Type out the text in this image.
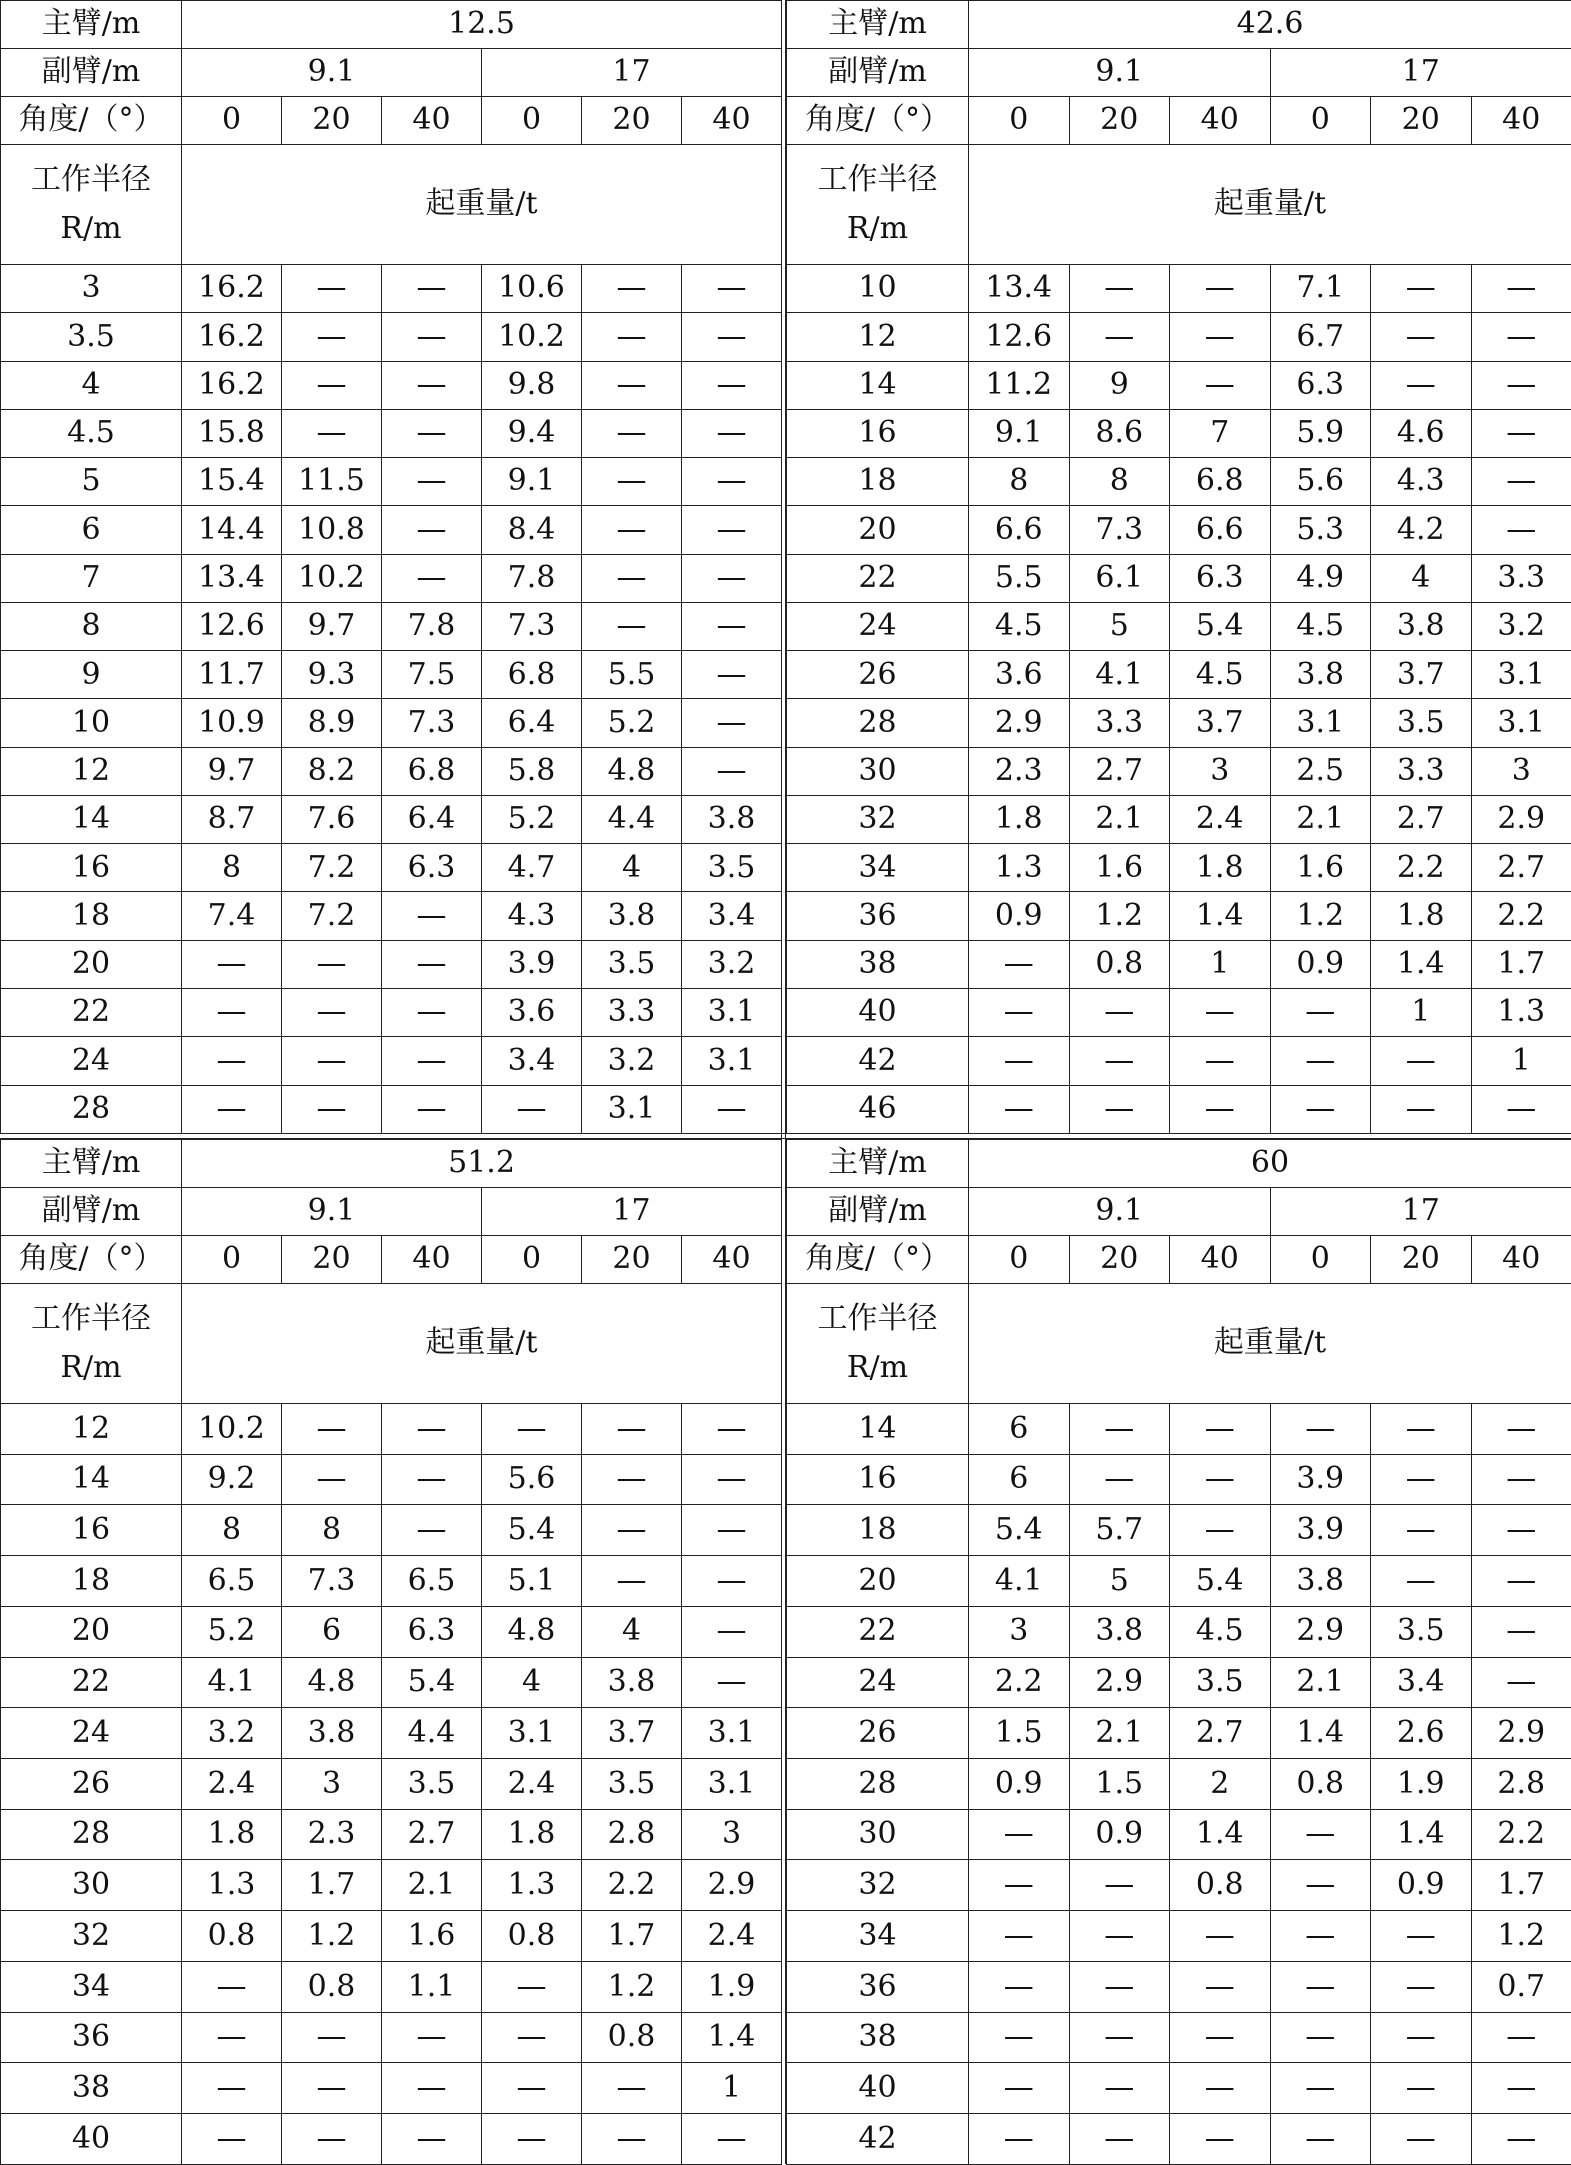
主臂/m	12.5					
副臂/m	9.1			17		
角度/（°）	0	20	40	0	20	40

工作半径
R/m	起重量/t					
3	16.2	—	—	10.6	—	—
3.5	16.2	—	—	10.2	—	—
4	16.2	—	—	9.8	—	—
4.5	15.8	—	—	9.4	—	—
5	15.4	11.5	—	9.1	—	—
6	14.4	10.8	—	8.4	—	—
7	13.4	10.2	—	7.8	—	—
8	12.6	9.7	7.8	7.3	—	—
9	11.7	9.3	7.5	6.8	5.5	—
10	10.9	8.9	7.3	6.4	5.2	—
12	9.7	8.2	6.8	5.8	4.8	—
14	8.7	7.6	6.4	5.2	4.4	3.8
16	8	7.2	6.3	4.7	4	3.5
18	7.4	7.2	—	4.3	3.8	3.4
20	—	—	—	3.9	3.5	3.2
22	—	—	—	3.6	3.3	3.1
24	—	—	—	3.4	3.2	3.1
28	—	—	—	—	3.1	—
主臂/m	42.6					
副臂/m	9.1			17		
角度/（°）	0	20	40	0	20	40

工作半径
R/m	起重量/t					
10	13.4	—	—	7.1	—	—
12	12.6	—	—	6.7	—	—
14	11.2	9	—	6.3	—	—
16	9.1	8.6	7	5.9	4.6	—
18	8	8	6.8	5.6	4.3	—
20	6.6	7.3	6.6	5.3	4.2	—
22	5.5	6.1	6.3	4.9	4	3.3
24	4.5	5	5.4	4.5	3.8	3.2
26	3.6	4.1	4.5	3.8	3.7	3.1
28	2.9	3.3	3.7	3.1	3.5	3.1
30	2.3	2.7	3	2.5	3.3	3
32	1.8	2.1	2.4	2.1	2.7	2.9
34	1.3	1.6	1.8	1.6	2.2	2.7
36	0.9	1.2	1.4	1.2	1.8	2.2
38	—	0.8	1	0.9	1.4	1.7
40	—	—	—	—	1	1.3
42	—	—	—	—	—	1
46	—	—	—	—	—	—
主臂/m	51.2					
副臂/m	9.1			17		
角度/（°）	0	20	40	0	20	40

工作半径
R/m	起重量/t					
12	10.2	—	—	—	—	—
14	9.2	—	—	5.6	—	—
16	8	8	—	5.4	—	—
18	6.5	7.3	6.5	5.1	—	—
20	5.2	6	6.3	4.8	4	—
22	4.1	4.8	5.4	4	3.8	—
24	3.2	3.8	4.4	3.1	3.7	3.1
26	2.4	3	3.5	2.4	3.5	3.1
28	1.8	2.3	2.7	1.8	2.8	3
30	1.3	1.7	2.1	1.3	2.2	2.9
32	0.8	1.2	1.6	0.8	1.7	2.4
34	—	0.8	1.1	—	1.2	1.9
36	—	—	—	—	0.8	1.4
38	—	—	—	—	—	1
40	—	—	—	—	—	—
主臂/m	60					
副臂/m	9.1			17		
角度/（°）	0	20	40	0	20	40

工作半径
R/m	起重量/t					
14	6	—	—	—	—	—
16	6	—	—	3.9	—	—
18	5.4	5.7	—	3.9	—	—
20	4.1	5	5.4	3.8	—	—
22	3	3.8	4.5	2.9	3.5	—
24	2.2	2.9	3.5	2.1	3.4	—
26	1.5	2.1	2.7	1.4	2.6	2.9
28	0.9	1.5	2	0.8	1.9	2.8
30	—	0.9	1.4	—	1.4	2.2
32	—	—	0.8	—	0.9	1.7
34	—	—	—	—	—	1.2
36	—	—	—	—	—	0.7
38	—	—	—	—	—	—
40	—	—	—	—	—	—
42	—	—	—	—	—	—
